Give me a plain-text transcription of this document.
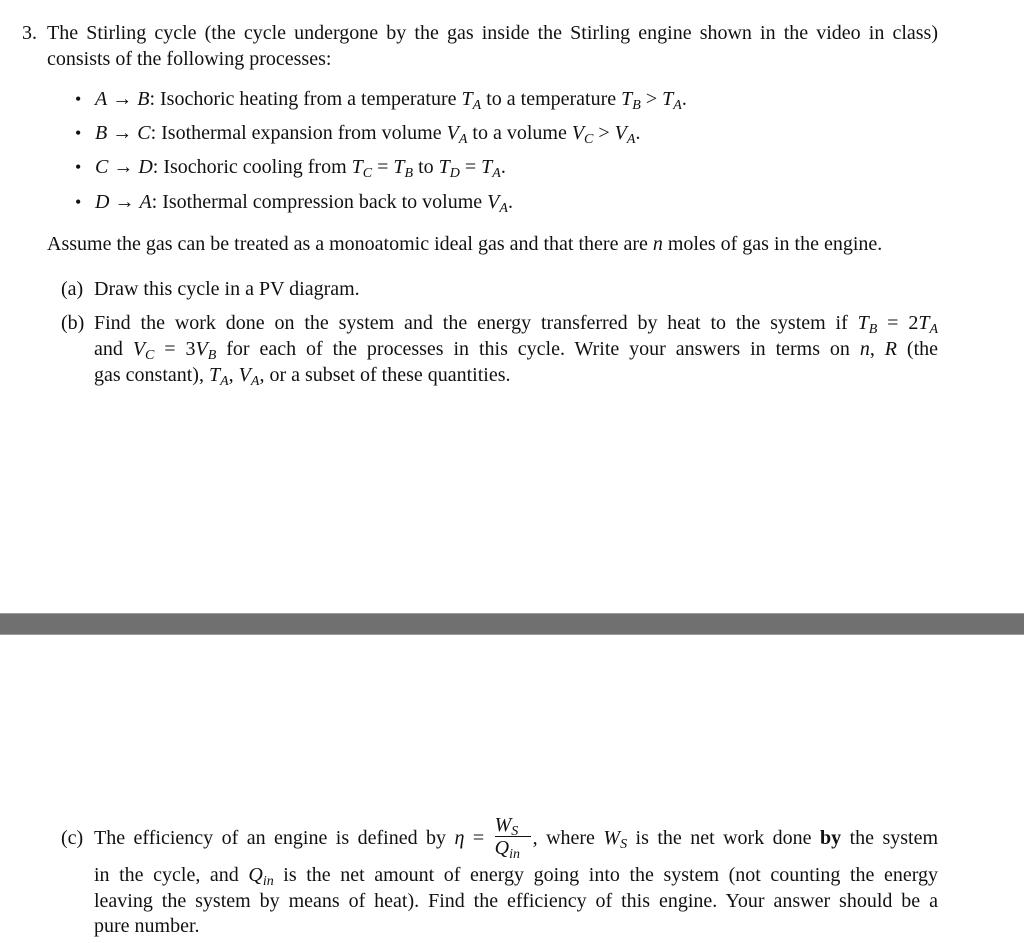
3. The Stirling cycle (the cycle undergone by the gas inside the Stirling engine shown in the video in class)
consists of the following processes:
• A → B: Isochoric heating from a temperature $T_A$ to a temperature $T_B > T_A$.
• B → C: Isothermal expansion from volume $V_A$ to a volume $V_C > V_A$.
• C → D: Isochoric cooling from $T_C = T_B$ to $T_D = T_A$.
• D → A: Isothermal compression back to volume $V_A$.
Assume the gas can be treated as a monoatomic ideal gas and that there are n moles of gas in the engine.
(a) Draw this cycle in a PV diagram.
(b) Find the work done on the system and the energy transferred by heat to the system if $T_B = 2T_A$
and $V_C = 3V_B$ for each of the processes in this cycle. Write your answers in terms on n, R (the
gas constant), $T_A$, $V_A$, or a subset of these quantities.
(c) The efficiency of an engine is defined by $\eta = \frac{W_S}{Q_{in}}$ , where $W_S$ is the net work done by the system
in the cycle, and $Q_{in}$ is the net amount of energy going into the system (not counting the energy
leaving the system by means of heat). Find the efficiency of this engine. Your answer should be a
pure number.
